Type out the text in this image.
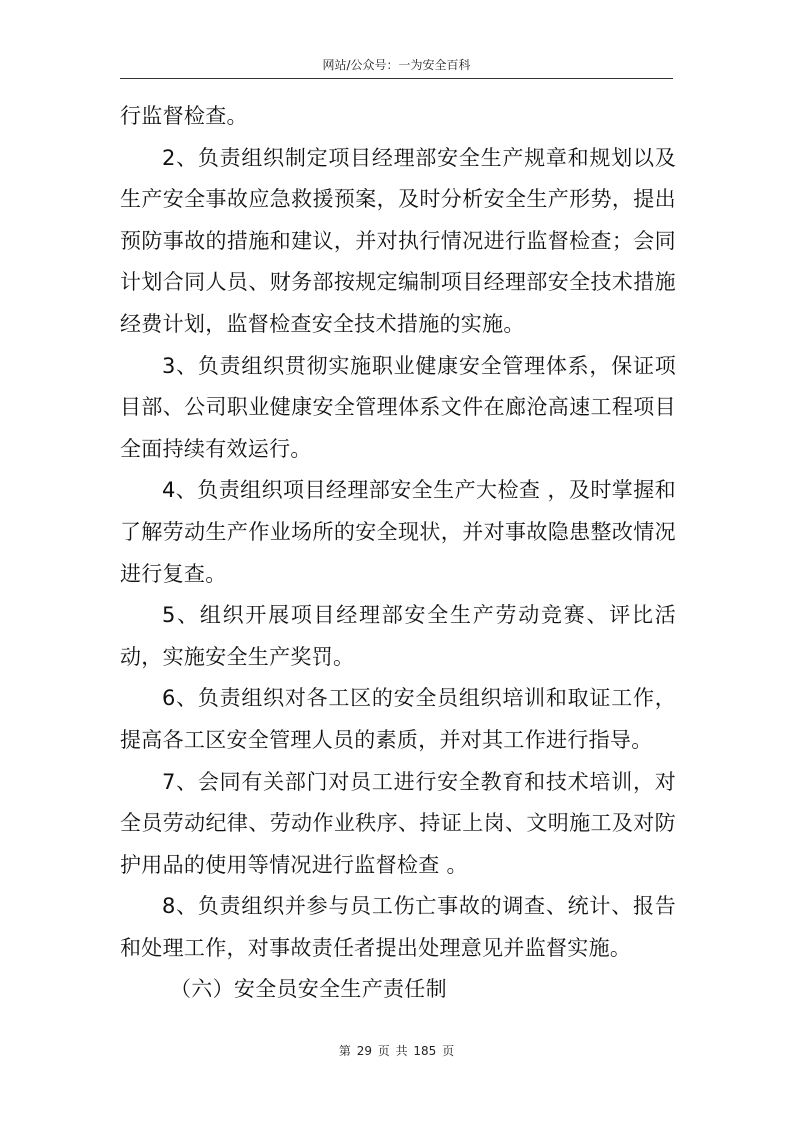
网站/公众号：一为安全百科

行监督检查。

2、负责组织制定项目经理部安全生产规章和规划以及生产安全事故应急救援预案，及时分析安全生产形势，提出预防事故的措施和建议，并对执行情况进行监督检查；会同计划合同人员、财务部按规定编制项目经理部安全技术措施经费计划，监督检查安全技术措施的实施。

3、负责组织贯彻实施职业健康安全管理体系，保证项目部、公司职业健康安全管理体系文件在廊沧高速工程项目全面持续有效运行。

4、负责组织项目经理部安全生产大检查 ，及时掌握和了解劳动生产作业场所的安全现状，并对事故隐患整改情况进行复查。

5、组织开展项目经理部安全生产劳动竞赛、评比活动，实施安全生产奖罚。

6、负责组织对各工区的安全员组织培训和取证工作，提高各工区安全管理人员的素质，并对其工作进行指导。

7、会同有关部门对员工进行安全教育和技术培训，对全员劳动纪律、劳动作业秩序、持证上岗、文明施工及对防护用品的使用等情况进行监督检查 。

8、负责组织并参与员工伤亡事故的调查、统计、报告和处理工作，对事故责任者提出处理意见并监督实施。

（六）安全员安全生产责任制

第 29 页 共 185 页
